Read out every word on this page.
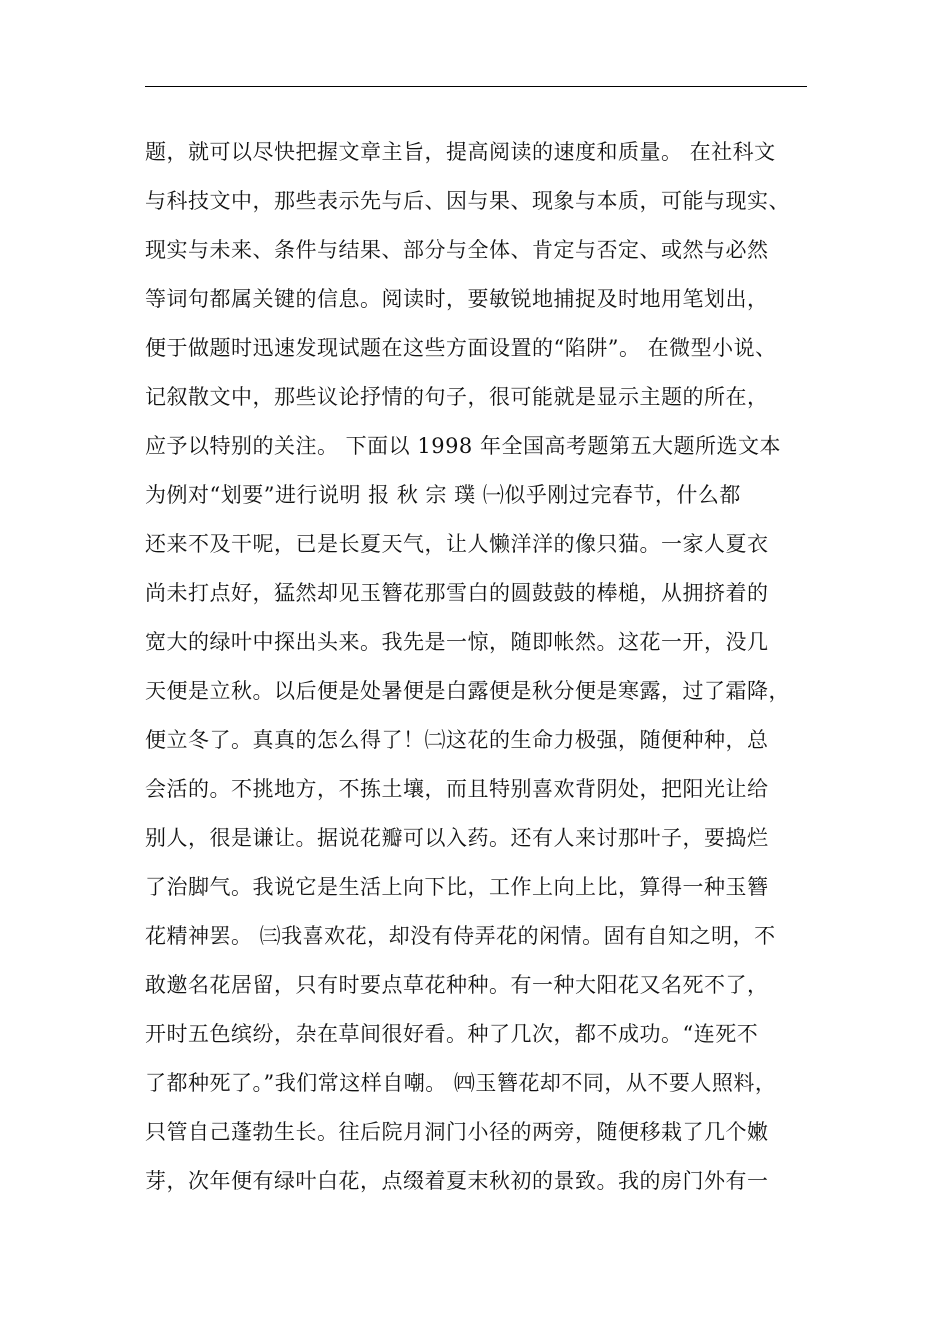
题，就可以尽快把握文章主旨，提高阅读的速度和质量。 在社科文
与科技文中，那些表示先与后、因与果、现象与本质，可能与现实、
现实与未来、条件与结果、部分与全体、肯定与否定、或然与必然
等词句都属关键的信息。阅读时，要敏锐地捕捉及时地用笔划出，
便于做题时迅速发现试题在这些方面设置的“陷阱”。 在微型小说、
记叙散文中，那些议论抒情的句子，很可能就是显示主题的所在，
应予以特别的关注。 下面以 1998 年全国高考题第五大题所选文本
为例对“划要”进行说明 报 秋 宗 璞 ㈠似乎刚过完春节，什么都
还来不及干呢，已是长夏天气，让人懒洋洋的像只猫。一家人夏衣
尚未打点好，猛然却见玉簪花那雪白的圆鼓鼓的棒槌，从拥挤着的
宽大的绿叶中探出头来。我先是一惊，随即帐然。这花一开，没几
天便是立秋。以后便是处暑便是白露便是秋分便是寒露，过了霜降，
便立冬了。真真的怎么得了！㈡这花的生命力极强，随便种种，总
会活的。不挑地方，不拣土壤，而且特别喜欢背阴处，把阳光让给
别人，很是谦让。据说花瓣可以入药。还有人来讨那叶子，要捣烂
了治脚气。我说它是生活上向下比，工作上向上比，算得一种玉簪
花精神罢。 ㈢我喜欢花，却没有侍弄花的闲情。固有自知之明，不
敢邀名花居留，只有时要点草花种种。有一种大阳花又名死不了，
开时五色缤纷，杂在草间很好看。种了几次，都不成功。“连死不
了都种死了。”我们常这样自嘲。 ㈣玉簪花却不同，从不要人照料，
只管自己蓬勃生长。往后院月洞门小径的两旁，随便移栽了几个嫩
芽，次年便有绿叶白花，点缀着夏末秋初的景致。我的房门外有一
